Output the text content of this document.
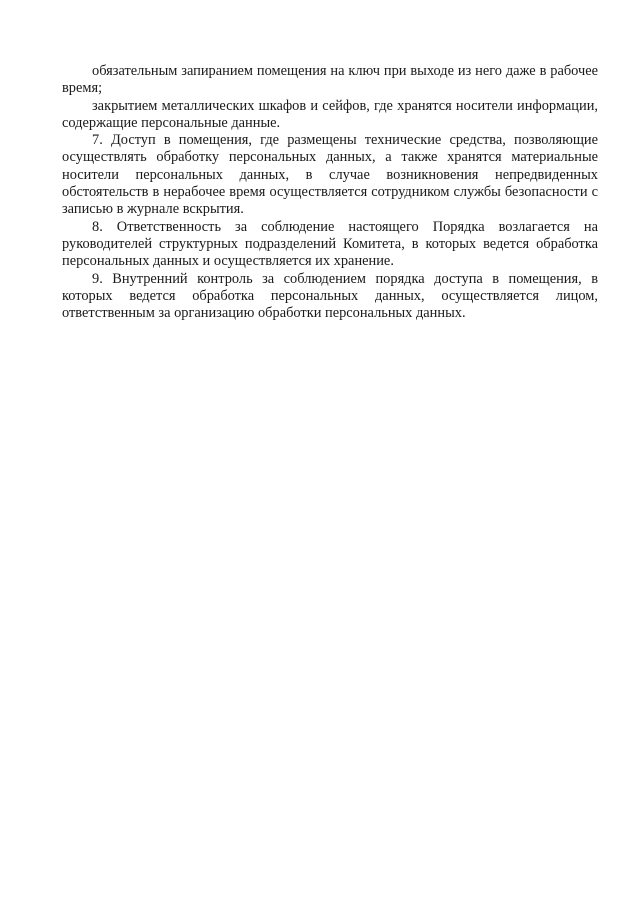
обязательным запиранием помещения на ключ при выходе из него даже в рабочее время;

закрытием металлических шкафов и сейфов, где хранятся носители информации, содержащие персональные данные.

7. Доступ в помещения, где размещены технические средства, позволяющие осуществлять обработку персональных данных, а также хранятся материальные носители персональных данных, в случае возникновения непредвиденных обстоятельств в нерабочее время осуществляется сотрудником службы безопасности с записью в журнале вскрытия.

8. Ответственность за соблюдение настоящего Порядка возлагается на руководителей структурных подразделений Комитета, в которых ведется обработка персональных данных и осуществляется их хранение.

9. Внутренний контроль за соблюдением порядка доступа в помещения, в которых ведется обработка персональных данных, осуществляется лицом, ответственным за организацию обработки персональных данных.
